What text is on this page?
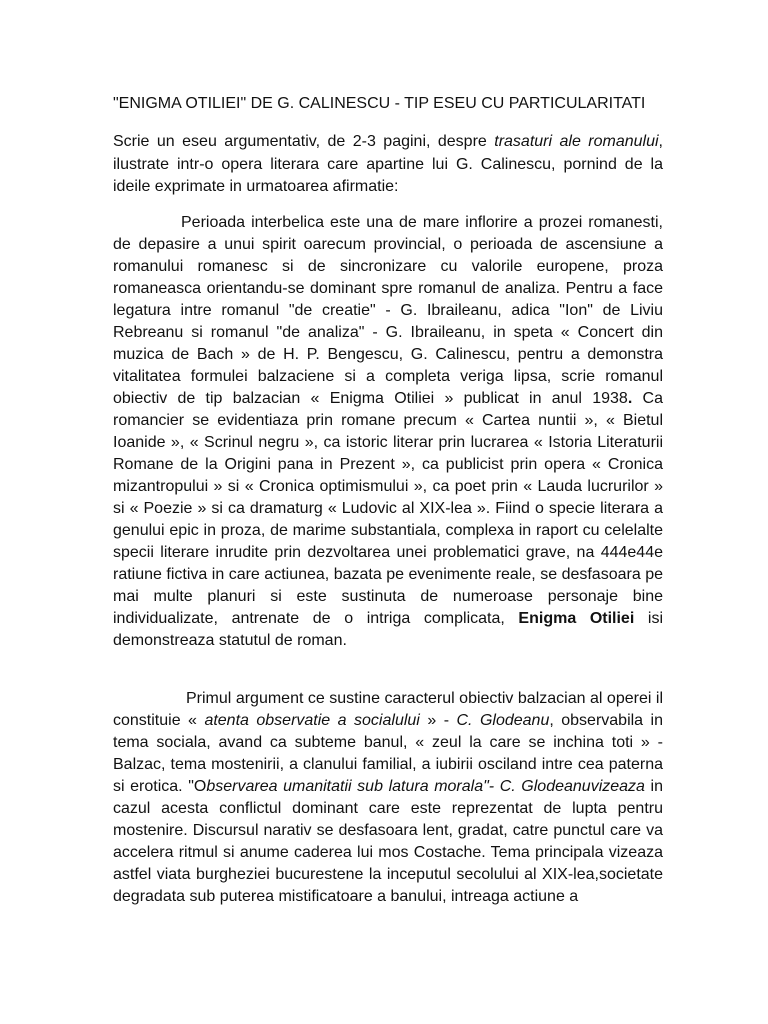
"ENIGMA OTILIEI" DE G. CALINESCU - TIP ESEU CU PARTICULARITATI
Scrie un eseu argumentativ, de 2-3 pagini, despre trasaturi ale romanului, ilustrate intr-o opera literara care apartine lui G. Calinescu, pornind de la ideile exprimate in urmatoarea afirmatie:
Perioada interbelica este una de mare inflorire a prozei romanesti, de depasire a unui spirit oarecum provincial, o perioada de ascensiune a romanului romanesc si de sincronizare cu valorile europene, proza romaneasca orientandu-se dominant spre romanul de analiza. Pentru a face legatura intre romanul "de creatie" - G. Ibraileanu, adica "Ion" de Liviu Rebreanu si romanul "de analiza" - G. Ibraileanu, in speta « Concert din muzica de Bach » de H. P. Bengescu, G. Calinescu, pentru a demonstra vitalitatea formulei balzaciene si a completa veriga lipsa, scrie romanul obiectiv de tip balzacian « Enigma Otiliei » publicat in anul 1938. Ca romancier se evidentiaza prin romane precum « Cartea nuntii », « Bietul Ioanide », « Scrinul negru », ca istoric literar prin lucrarea « Istoria Literaturii Romane de la Origini pana in Prezent », ca publicist prin opera « Cronica mizantropului » si « Cronica optimismului », ca poet prin « Lauda lucrurilor » si « Poezie » si ca dramaturg « Ludovic al XIX-lea ». Fiind o specie literara a genului epic in proza, de marime substantiala, complexa in raport cu celelalte specii literare inrudite prin dezvoltarea unei problematici grave, na 444e44e ratiune fictiva in care actiunea, bazata pe evenimente reale, se desfasoara pe mai multe planuri si este sustinuta de numeroase personaje bine individualizate, antrenate de o intriga complicata, Enigma Otiliei isi demonstreaza statutul de roman.
Primul argument ce sustine caracterul obiectiv balzacian al operei il constituie « atenta observatie a socialului » - C. Glodeanu, observabila in tema sociala, avand ca subteme banul, « zeul la care se inchina toti » - Balzac, tema mostenirii, a clanului familial, a iubirii osciland intre cea paterna si erotica. "Observarea umanitatii sub latura morala"- C. Glodeanuvizeaza in cazul acesta conflictul dominant care este reprezentat de lupta pentru mostenire. Discursul narativ se desfasoara lent, gradat, catre punctul care va accelera ritmul si anume caderea lui mos Costache. Tema principala vizeaza astfel viata burgheziei bucurestene la inceputul secolului al XIX-lea,societate degradata sub puterea mistificatoare a banului, intreaga actiune a
